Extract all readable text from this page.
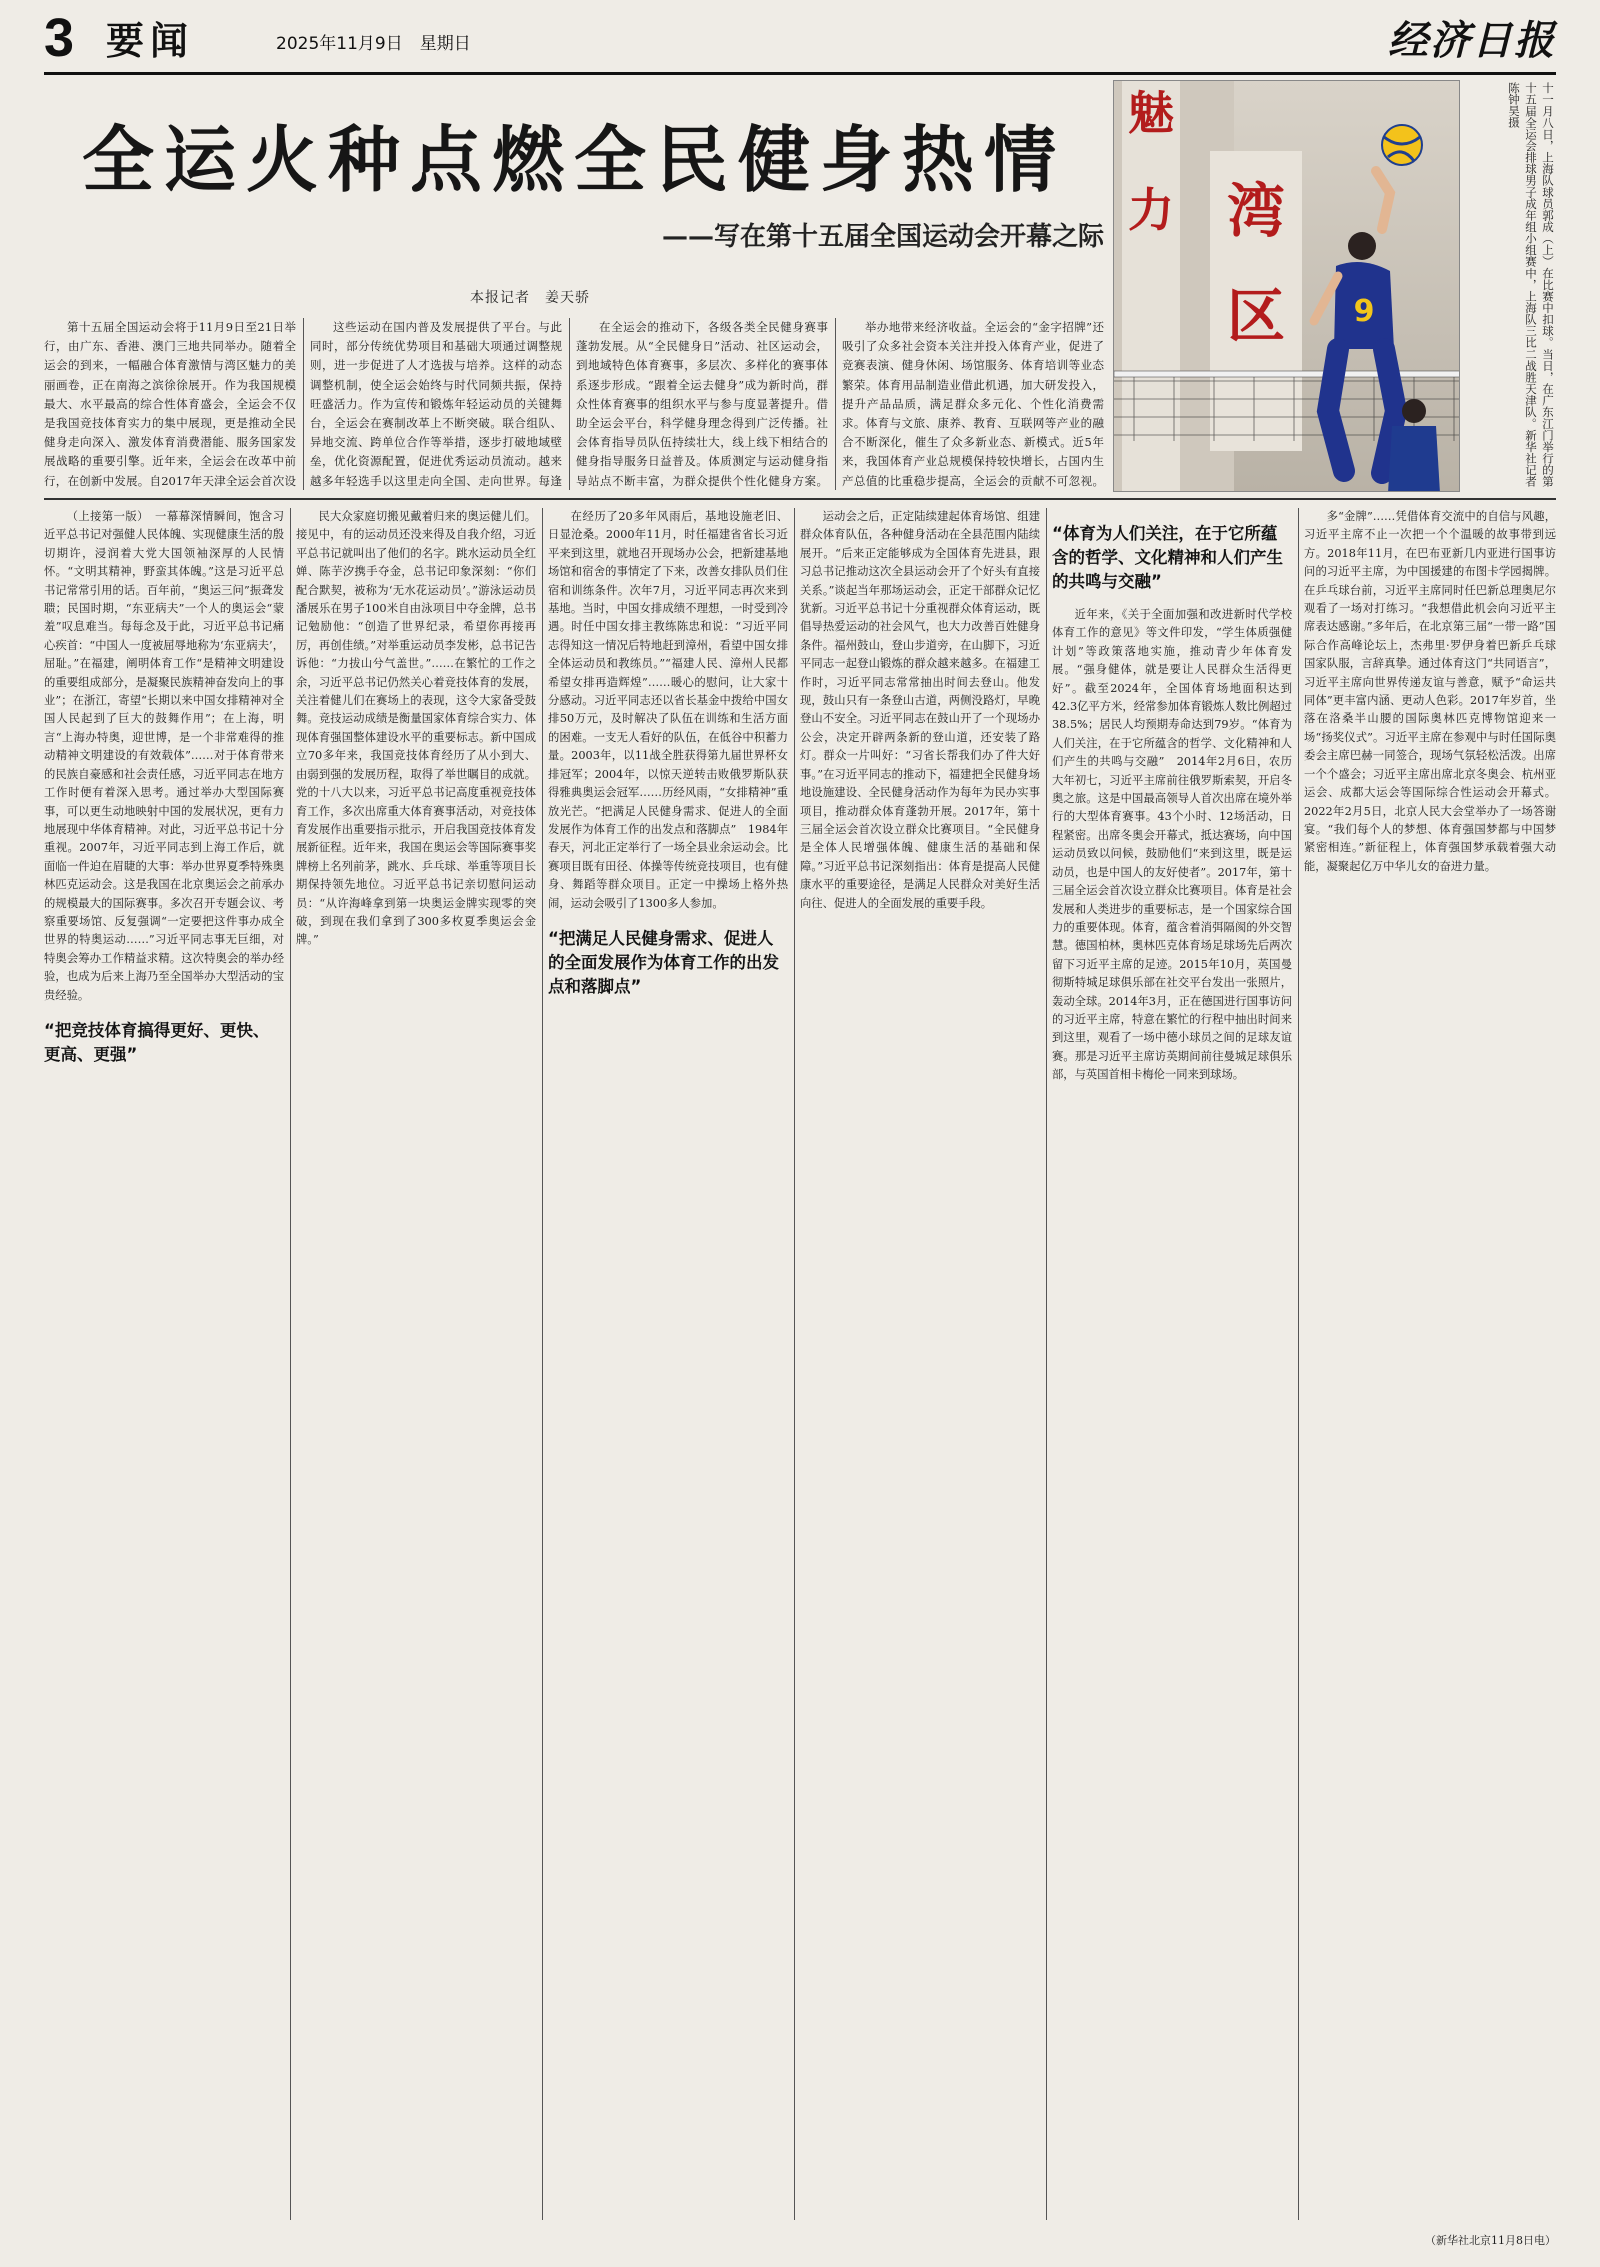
3 要闻	2025年11月9日　星期日	经济日报
全运火种点燃全民健身热情
——写在第十五届全国运动会开幕之际
本报记者　姜天骄

第十五届全国运动会将于11月9日至21日举行，由广东、香港、澳门三地共同举办。随着全运会的到来，一幅融合体育激情与湾区魅力的美丽画卷，正在南海之滨徐徐展开。作为我国规模最大、水平最高的综合性体育盛会，全运会不仅是我国竞技体育实力的集中展现，更是推动全民健身走向深入、激发体育消费潜能、服务国家发展战略的重要引擎。近年来，全运会在改革中前行，在创新中发展。自2017年天津全运会首次设

这些运动在国内普及发展提供了平台。与此同时，部分传统优势项目和基础大项通过调整规则，进一步促进了人才选拔与培养。这样的动态调整机制，使全运会始终与时代同频共振，保持旺盛活力。作为宣传和锻炼年轻运动员的关键舞台，全运会在赛制改革上不断突破。联合组队、异地交流、跨单位合作等举措，逐步打破地域壁垒，优化资源配置，促进优秀运动员流动。越来越多年轻选手以这里走向全国、走向世界。每逢

在全运会的推动下，各级各类全民健身赛事蓬勃发展。从“全民健身日”活动、社区运动会，到地域特色体育赛事，多层次、多样化的赛事体系逐步形成。“跟着全运去健身”成为新时尚，群众性体育赛事的组织水平与参与度显著提升。借助全运会平台，科学健身理念得到广泛传播。社会体育指导员队伍持续壮大，线上线下相结合的健身指导服务日益普及。体质测定与运动健身指导站点不断丰富，为群众提供个性化健身方案。

举办地带来经济收益。全运会的“金字招牌”还吸引了众多社会资本关注并投入体育产业，促进了竞赛表演、健身休闲、场馆服务、体育培训等业态繁荣。体育用品制造业借此机遇，加大研发投入，提升产品品质，满足群众多元化、个性化消费需求。体育与文旅、康养、教育、互联网等产业的融合不断深化，催生了众多新业态、新模式。近5年来，我国体育产业总规模保持较快增长，占国内生产总值的比重稳步提高，全运会的贡献不可忽视。

魅
力 湾
区 9	十一月八日，上海队球员郭成（上）在比赛中扣球。当日，在广东江门举行的第十五届全运会排球男子成年组小组赛中，上海队三比二战胜天津队。新华社记者　陈钟昊摄

（上接第一版）　一幕幕深情瞬间，饱含习近平总书记对强健人民体魄、实现健康生活的殷切期许，浸润着大党大国领袖深厚的人民情怀。“文明其精神，野蛮其体魄。”这是习近平总书记常常引用的话。百年前，“奥运三问”振聋发聩；民国时期，“东亚病夫”一个人的奥运会“蒙羞”叹息难当。每每念及于此，习近平总书记痛心疾首：“中国人一度被屈辱地称为‘东亚病夫’，屈耻。”在福建，阐明体育工作“是精神文明建设的重要组成部分，是凝聚民族精神奋发向上的事业”；在浙江，寄望“长期以来中国女排精神对全国人民起到了巨大的鼓舞作用”；在上海，明言“上海办特奥，迎世博，是一个非常难得的推动精神文明建设的有效载体”……对于体育带来的民族自豪感和社会责任感，习近平同志在地方工作时便有着深入思考。通过举办大型国际赛事，可以更生动地映射中国的发展状况，更有力地展现中华体育精神。对此，习近平总书记十分重视。2007年，习近平同志到上海工作后，就面临一件迫在眉睫的大事：举办世界夏季特殊奥林匹克运动会。这是我国在北京奥运会之前承办的规模最大的国际赛事。多次召开专题会议、考察重要场馆、反复强调“一定要把这件事办成全世界的特奥运动……”习近平同志事无巨细，对特奥会筹办工作精益求精。这次特奥会的举办经验，也成为后来上海乃至全国举办大型活动的宝贵经验。

“把竞技体育搞得更好、更快、更高、更强”

民大众家庭切搬见戴着归来的奥运健儿们。接见中，有的运动员还没来得及自我介绍，习近平总书记就叫出了他们的名字。跳水运动员全红婵、陈芋汐携手夺金，总书记印象深刻：“你们配合默契，被称为‘无水花运动员’。”游泳运动员潘展乐在男子100米自由泳项目中夺金牌，总书记勉励他：“创造了世界纪录，希望你再接再厉，再创佳绩。”对举重运动员李发彬，总书记告诉他：“力拔山兮气盖世。”……在繁忙的工作之余，习近平总书记仍然关心着竞技体育的发展，关注着健儿们在赛场上的表现，这令大家备受鼓舞。竞技运动成绩是衡量国家体育综合实力、体现体育强国整体建设水平的重要标志。新中国成立70多年来，我国竞技体育经历了从小到大、由弱到强的发展历程，取得了举世瞩目的成就。党的十八大以来，习近平总书记高度重视竞技体育工作，多次出席重大体育赛事活动，对竞技体育发展作出重要指示批示，开启我国竞技体育发展新征程。近年来，我国在奥运会等国际赛事奖牌榜上名列前茅，跳水、乒乓球、举重等项目长期保持领先地位。习近平总书记亲切慰问运动员：“从许海峰拿到第一块奥运金牌实现零的突破，到现在我们拿到了300多枚夏季奥运会金牌。”

在经历了20多年风雨后，基地设施老旧、日显沧桑。2000年11月，时任福建省省长习近平来到这里，就地召开现场办公会，把新建基地场馆和宿舍的事情定了下来，改善女排队员们住宿和训练条件。次年7月，习近平同志再次来到基地。当时，中国女排成绩不理想，一时受到冷遇。时任中国女排主教练陈忠和说：“习近平同志得知这一情况后特地赶到漳州，看望中国女排全体运动员和教练员。”“福建人民、漳州人民都希望女排再造辉煌”……暖心的慰问，让大家十分感动。习近平同志还以省长基金中拨给中国女排50万元，及时解决了队伍在训练和生活方面的困难。一支无人看好的队伍，在低谷中积蓄力量。2003年，以11战全胜获得第九届世界杯女排冠军；2004年，以惊天逆转击败俄罗斯队获得雅典奥运会冠军……历经风雨，“女排精神”重放光芒。“把满足人民健身需求、促进人的全面发展作为体育工作的出发点和落脚点”　1984年春天，河北正定举行了一场全县业余运动会。比赛项目既有田径、体操等传统竞技项目，也有健身、舞蹈等群众项目。正定一中操场上格外热闹，运动会吸引了1300多人参加。

“把满足人民健身需求、促进人的全面发展作为体育工作的出发点和落脚点”

运动会之后，正定陆续建起体育场馆、组建群众体育队伍，各种健身活动在全县范围内陆续展开。“后来正定能够成为全国体育先进县，跟习总书记推动这次全县运动会开了个好头有直接关系。”谈起当年那场运动会，正定干部群众记忆犹新。习近平总书记十分重视群众体育运动，既倡导热爱运动的社会风气，也大力改善百姓健身条件。福州鼓山，登山步道旁，在山脚下，习近平同志一起登山锻炼的群众越来越多。在福建工作时，习近平同志常常抽出时间去登山。他发现，鼓山只有一条登山古道，两侧没路灯，早晚登山不安全。习近平同志在鼓山开了一个现场办公会，决定开辟两条新的登山道，还安装了路灯。群众一片叫好：“习省长帮我们办了件大好事。”在习近平同志的推动下，福建把全民健身场地设施建设、全民健身活动作为每年为民办实事项目，推动群众体育蓬勃开展。2017年，第十三届全运会首次设立群众比赛项目。“全民健身是全体人民增强体魄、健康生活的基础和保障。”习近平总书记深刻指出：体育是提高人民健康水平的重要途径，是满足人民群众对美好生活向往、促进人的全面发展的重要手段。

“体育为人们关注，在于它所蕴含的哲学、文化精神和人们产生的共鸣与交融”

近年来，《关于全面加强和改进新时代学校体育工作的意见》等文件印发，“学生体质强健计划”等政策落地实施，推动青少年体育发展。“强身健体，就是要让人民群众生活得更好”。截至2024年，全国体育场地面积达到42.3亿平方米，经常参加体育锻炼人数比例超过38.5%；居民人均预期寿命达到79岁。“体育为人们关注，在于它所蕴含的哲学、文化精神和人们产生的共鸣与交融”　2014年2月6日，农历大年初七，习近平主席前往俄罗斯索契，开启冬奥之旅。这是中国最高领导人首次出席在境外举行的大型体育赛事。43个小时、12场活动，日程紧密。出席冬奥会开幕式，抵达赛场，向中国运动员致以问候，鼓励他们“来到这里，既是运动员，也是中国人的友好使者”。2017年，第十三届全运会首次设立群众比赛项目。体育是社会发展和人类进步的重要标志，是一个国家综合国力的重要体现。体育，蕴含着消弭隔阂的外交智慧。德国柏林，奥林匹克体育场足球场先后两次留下习近平主席的足迹。2015年10月，英国曼彻斯特城足球俱乐部在社交平台发出一张照片，轰动全球。2014年3月，正在德国进行国事访问的习近平主席，特意在繁忙的行程中抽出时间来到这里，观看了一场中德小球员之间的足球友谊赛。那是习近平主席访英期间前往曼城足球俱乐部，与英国首相卡梅伦一同来到球场。

多“金牌”……凭借体育交流中的自信与风趣，习近平主席不止一次把一个个温暖的故事带到远方。2018年11月，在巴布亚新几内亚进行国事访问的习近平主席，为中国援建的布图卡学园揭牌。在乒乓球台前，习近平主席同时任巴新总理奥尼尔观看了一场对打练习。“我想借此机会向习近平主席表达感谢。”多年后，在北京第三届“一带一路”国际合作高峰论坛上，杰弗里·罗伊身着巴新乒乓球国家队服，言辞真挚。通过体育这门“共同语言”，习近平主席向世界传递友谊与善意，赋予“命运共同体”更丰富内涵、更动人色彩。2017年岁首，坐落在洛桑半山腰的国际奥林匹克博物馆迎来一场“扬奖仪式”。习近平主席在参观中与时任国际奥委会主席巴赫一同签合，现场气氛轻松活泼。出席一个个盛会；习近平主席出席北京冬奥会、杭州亚运会、成都大运会等国际综合性运动会开幕式。2022年2月5日，北京人民大会堂举办了一场答谢宴。“我们每个人的梦想、体育强国梦都与中国梦紧密相连。”新征程上，体育强国梦承载着强大动能，凝聚起亿万中华儿女的奋进力量。

（新华社北京11月8日电）
